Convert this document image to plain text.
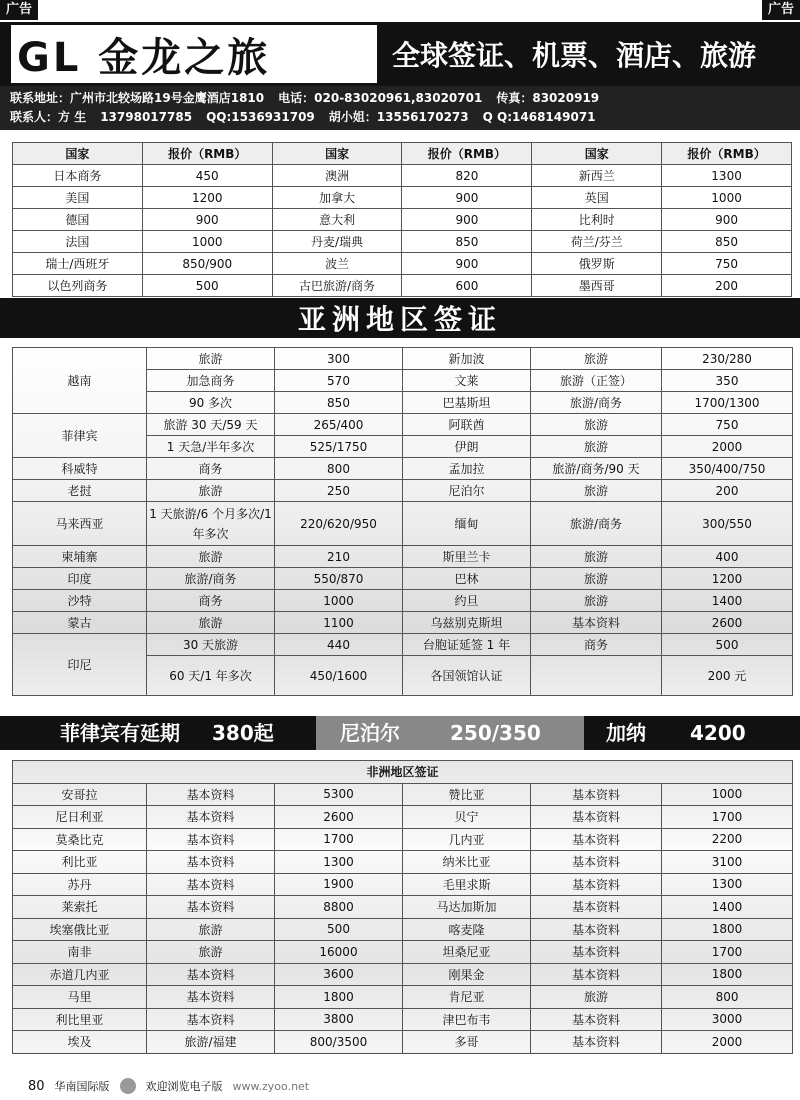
广告	广告
GL 金龙之旅	全球签证、机票、酒店、旅游
联系地址：广州市北较场路19号金鹰酒店1810 电话：020-83020961,83020701 传真：83020919
联系人：方 生 13798017785 QQ:1536931709 胡小姐：13556170273 Q Q:1468149071
国家	报价（RMB）	国家	报价（RMB）	国家	报价（RMB）
日本商务	450	澳洲	820	新西兰	1300
美国	1200	加拿大	900	英国	1000
德国	900	意大利	900	比利时	900
法国	1000	丹麦/瑞典	850	荷兰/芬兰	850
瑞士/西班牙	850/900	波兰	900	俄罗斯	750
以色列商务	500	古巴旅游/商务	600	墨西哥	200
亚洲地区签证
越南	旅游	300	新加波	旅游	230/280
	加急商务	570	文莱	旅游（正签）	350
	90 多次	850	巴基斯坦	旅游/商务	1700/1300
菲律宾	旅游 30 天/59 天	265/400	阿联酋	旅游	750
	1 天急/半年多次	525/1750	伊朗	旅游	2000
科威特	商务	800	孟加拉	旅游/商务/90 天	350/400/750
老挝	旅游	250	尼泊尔	旅游	200
马来西亚	1 天旅游/6 个月多次/1 年多次	220/620/950	缅甸	旅游/商务	300/550
柬埔寨	旅游	210	斯里兰卡	旅游	400
印度	旅游/商务	550/870	巴林	旅游	1200
沙特	商务	1000	约旦	旅游	1400
蒙古	旅游	1100	乌兹别克斯坦	基本资料	2600
印尼	30 天旅游	440	台胞证延签 1 年	商务	500
	60 天/1 年多次	450/1600	各国领馆认证		200 元
菲律宾有延期 380起	尼泊尔	250/350	加纳 4200
非洲地区签证					
安哥拉	基本资料	5300	赞比亚	基本资料	1000
尼日利亚	基本资料	2600	贝宁	基本资料	1700
莫桑比克	基本资料	1700	几内亚	基本资料	2200
利比亚	基本资料	1300	纳米比亚	基本资料	3100
苏丹	基本资料	1900	毛里求斯	基本资料	1300
莱索托	基本资料	8800	马达加斯加	基本资料	1400
埃塞俄比亚	旅游	500	喀麦隆	基本资料	1800
南非	旅游	16000	坦桑尼亚	基本资料	1700
赤道几内亚	基本资料	3600	刚果金	基本资料	1800
马里	基本资料	1800	肯尼亚	旅游	800
利比里亚	基本资料	3800	津巴布韦	基本资料	3000
埃及	旅游/福建	800/3500	多哥	基本资料	2000
80 华南国际版	欢迎浏览电子版 www.zyoo.net
